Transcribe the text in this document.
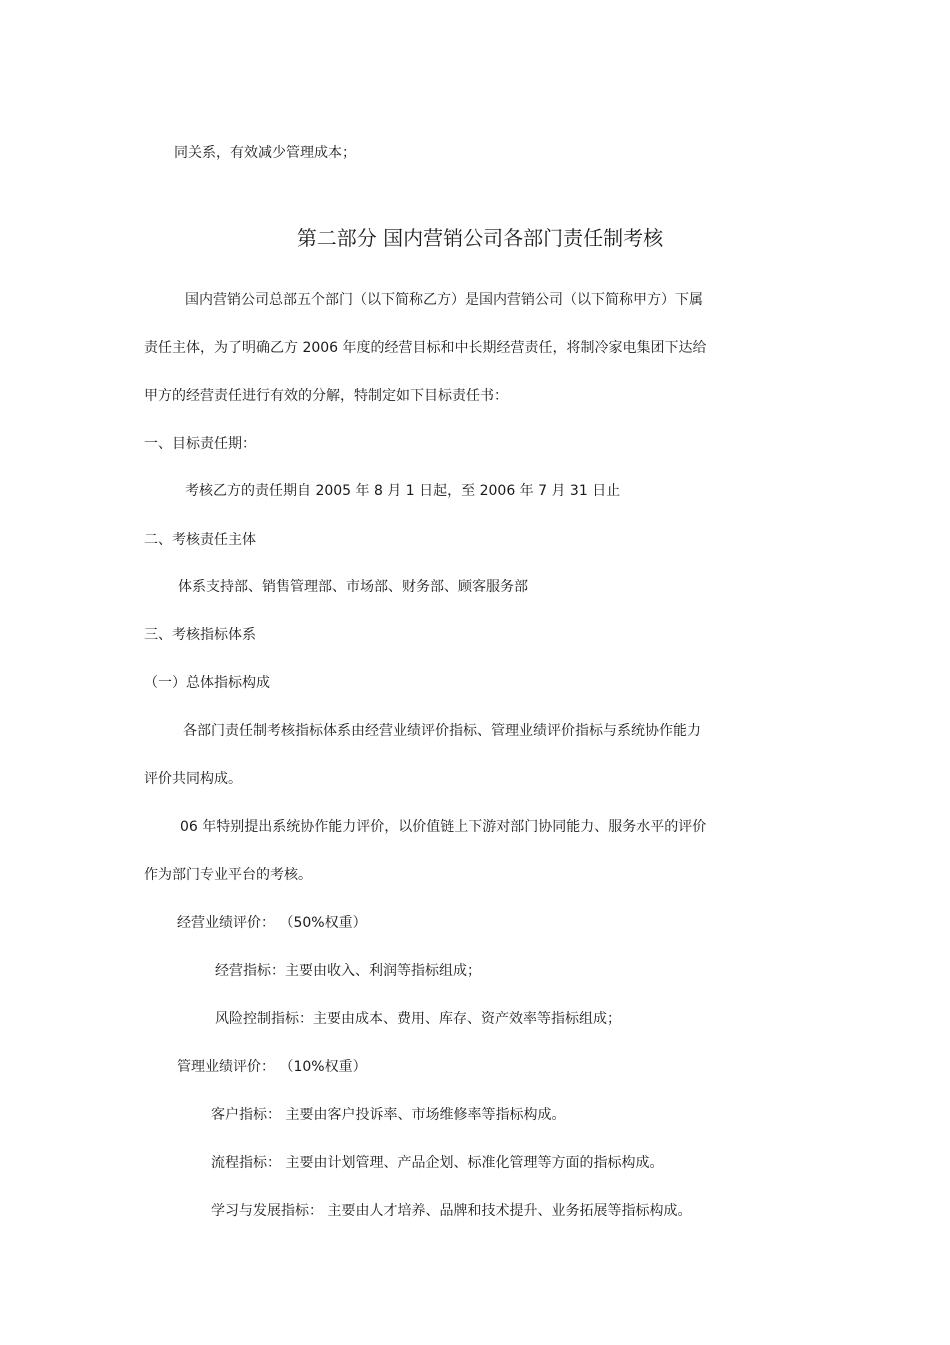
同关系，有效减少管理成本；
第二部分 国内营销公司各部门责任制考核
国内营销公司总部五个部门（以下简称乙方）是国内营销公司（以下简称甲方）下属
责任主体，为了明确乙方 2006 年度的经营目标和中长期经营责任，将制冷家电集团下达给
甲方的经营责任进行有效的分解，特制定如下目标责任书：
一、目标责任期：
考核乙方的责任期自 2005 年 8 月 1 日起，至 2006 年 7 月 31 日止
二、考核责任主体
体系支持部、销售管理部、市场部、财务部、顾客服务部
三、考核指标体系
（一）总体指标构成
各部门责任制考核指标体系由经营业绩评价指标、管理业绩评价指标与系统协作能力
评价共同构成。
06 年特别提出系统协作能力评价，以价值链上下游对部门协同能力、服务水平的评价
作为部门专业平台的考核。
经营业绩评价： （50%权重）
经营指标：主要由收入、利润等指标组成；
风险控制指标：主要由成本、费用、库存、资产效率等指标组成；
管理业绩评价： （10%权重）
客户指标： 主要由客户投诉率、市场维修率等指标构成。
流程指标： 主要由计划管理、产品企划、标准化管理等方面的指标构成。
学习与发展指标： 主要由人才培养、品牌和技术提升、业务拓展等指标构成。
